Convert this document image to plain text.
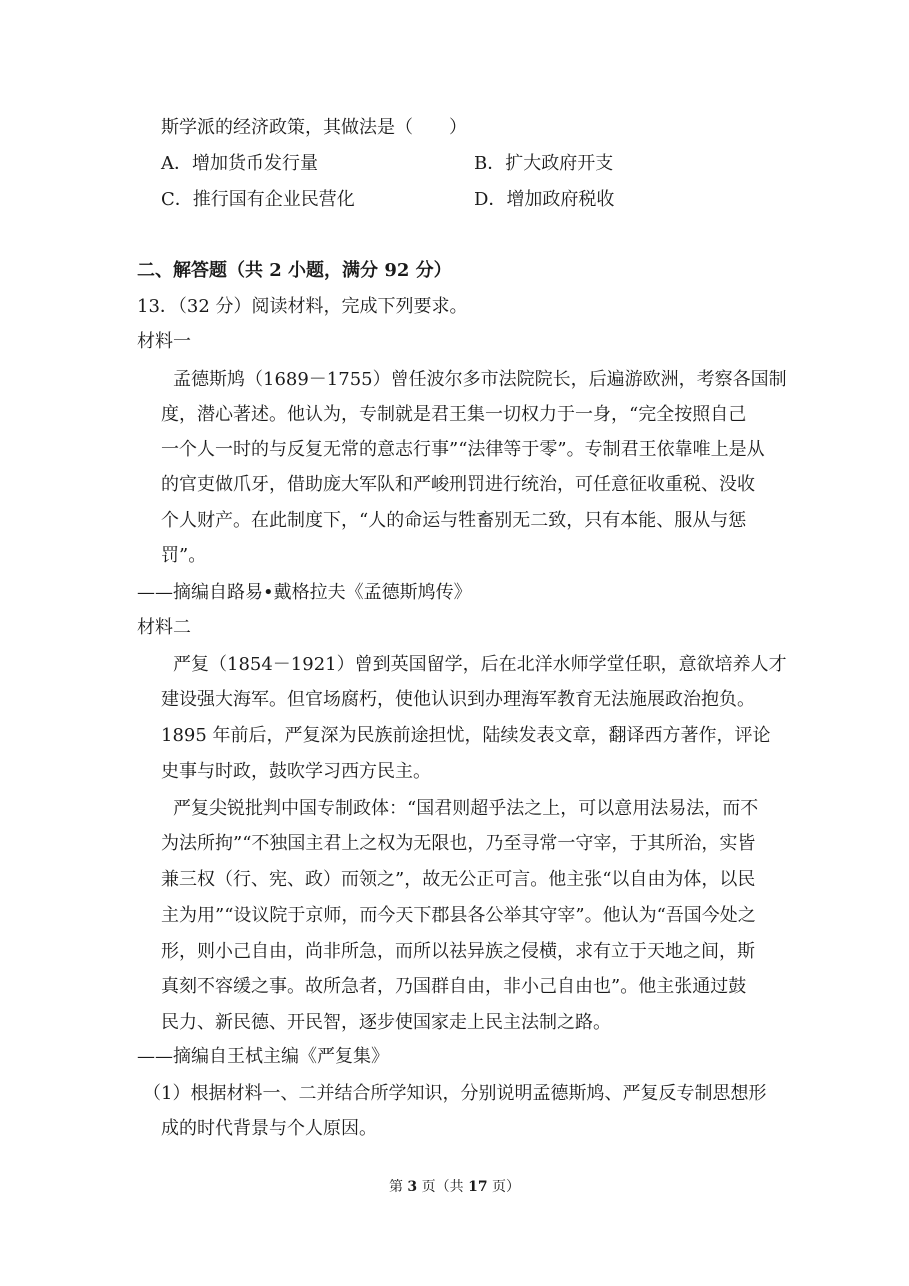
斯学派的经济政策，其做法是（　　）
A．增加货币发行量	B．扩大政府开支
C．推行国有企业民营化	D．增加政府税收
二、解答题（共 2 小题，满分 92 分）
13．（32 分）阅读材料，完成下列要求。
材料一
孟德斯鸠（1689－1755）曾任波尔多市法院院长，后遍游欧洲，考察各国制
度，潜心著述。他认为，专制就是君王集一切权力于一身，“完全按照自己
一个人一时的与反复无常的意志行事”“法律等于零”。专制君王依靠唯上是从
的官吏做爪牙，借助庞大军队和严峻刑罚进行统治，可任意征收重税、没收
个人财产。在此制度下，“人的命运与牲畜别无二致，只有本能、服从与惩
罚”。
——摘编自路易•戴格拉夫《孟德斯鸠传》
材料二
严复（1854－1921）曾到英国留学，后在北洋水师学堂任职，意欲培养人才
建设强大海军。但官场腐朽，使他认识到办理海军教育无法施展政治抱负。
1895 年前后，严复深为民族前途担忧，陆续发表文章，翻译西方著作，评论
史事与时政，鼓吹学习西方民主。
严复尖锐批判中国专制政体：“国君则超乎法之上，可以意用法易法，而不
为法所拘”“不独国主君上之权为无限也，乃至寻常一守宰，于其所治，实皆
兼三权（行、宪、政）而领之”，故无公正可言。他主张“以自由为体，以民
主为用”“设议院于京师，而今天下郡县各公举其守宰”。他认为“吾国今处之
形，则小己自由，尚非所急，而所以祛异族之侵横，求有立于天地之间，斯
真刻不容缓之事。故所急者，乃国群自由，非小己自由也”。他主张通过鼓
民力、新民德、开民智，逐步使国家走上民主法制之路。
——摘编自王栻主编《严复集》
（1）根据材料一、二并结合所学知识，分别说明孟德斯鸠、严复反专制思想形
成的时代背景与个人原因。
第 3 页（共 17 页）
